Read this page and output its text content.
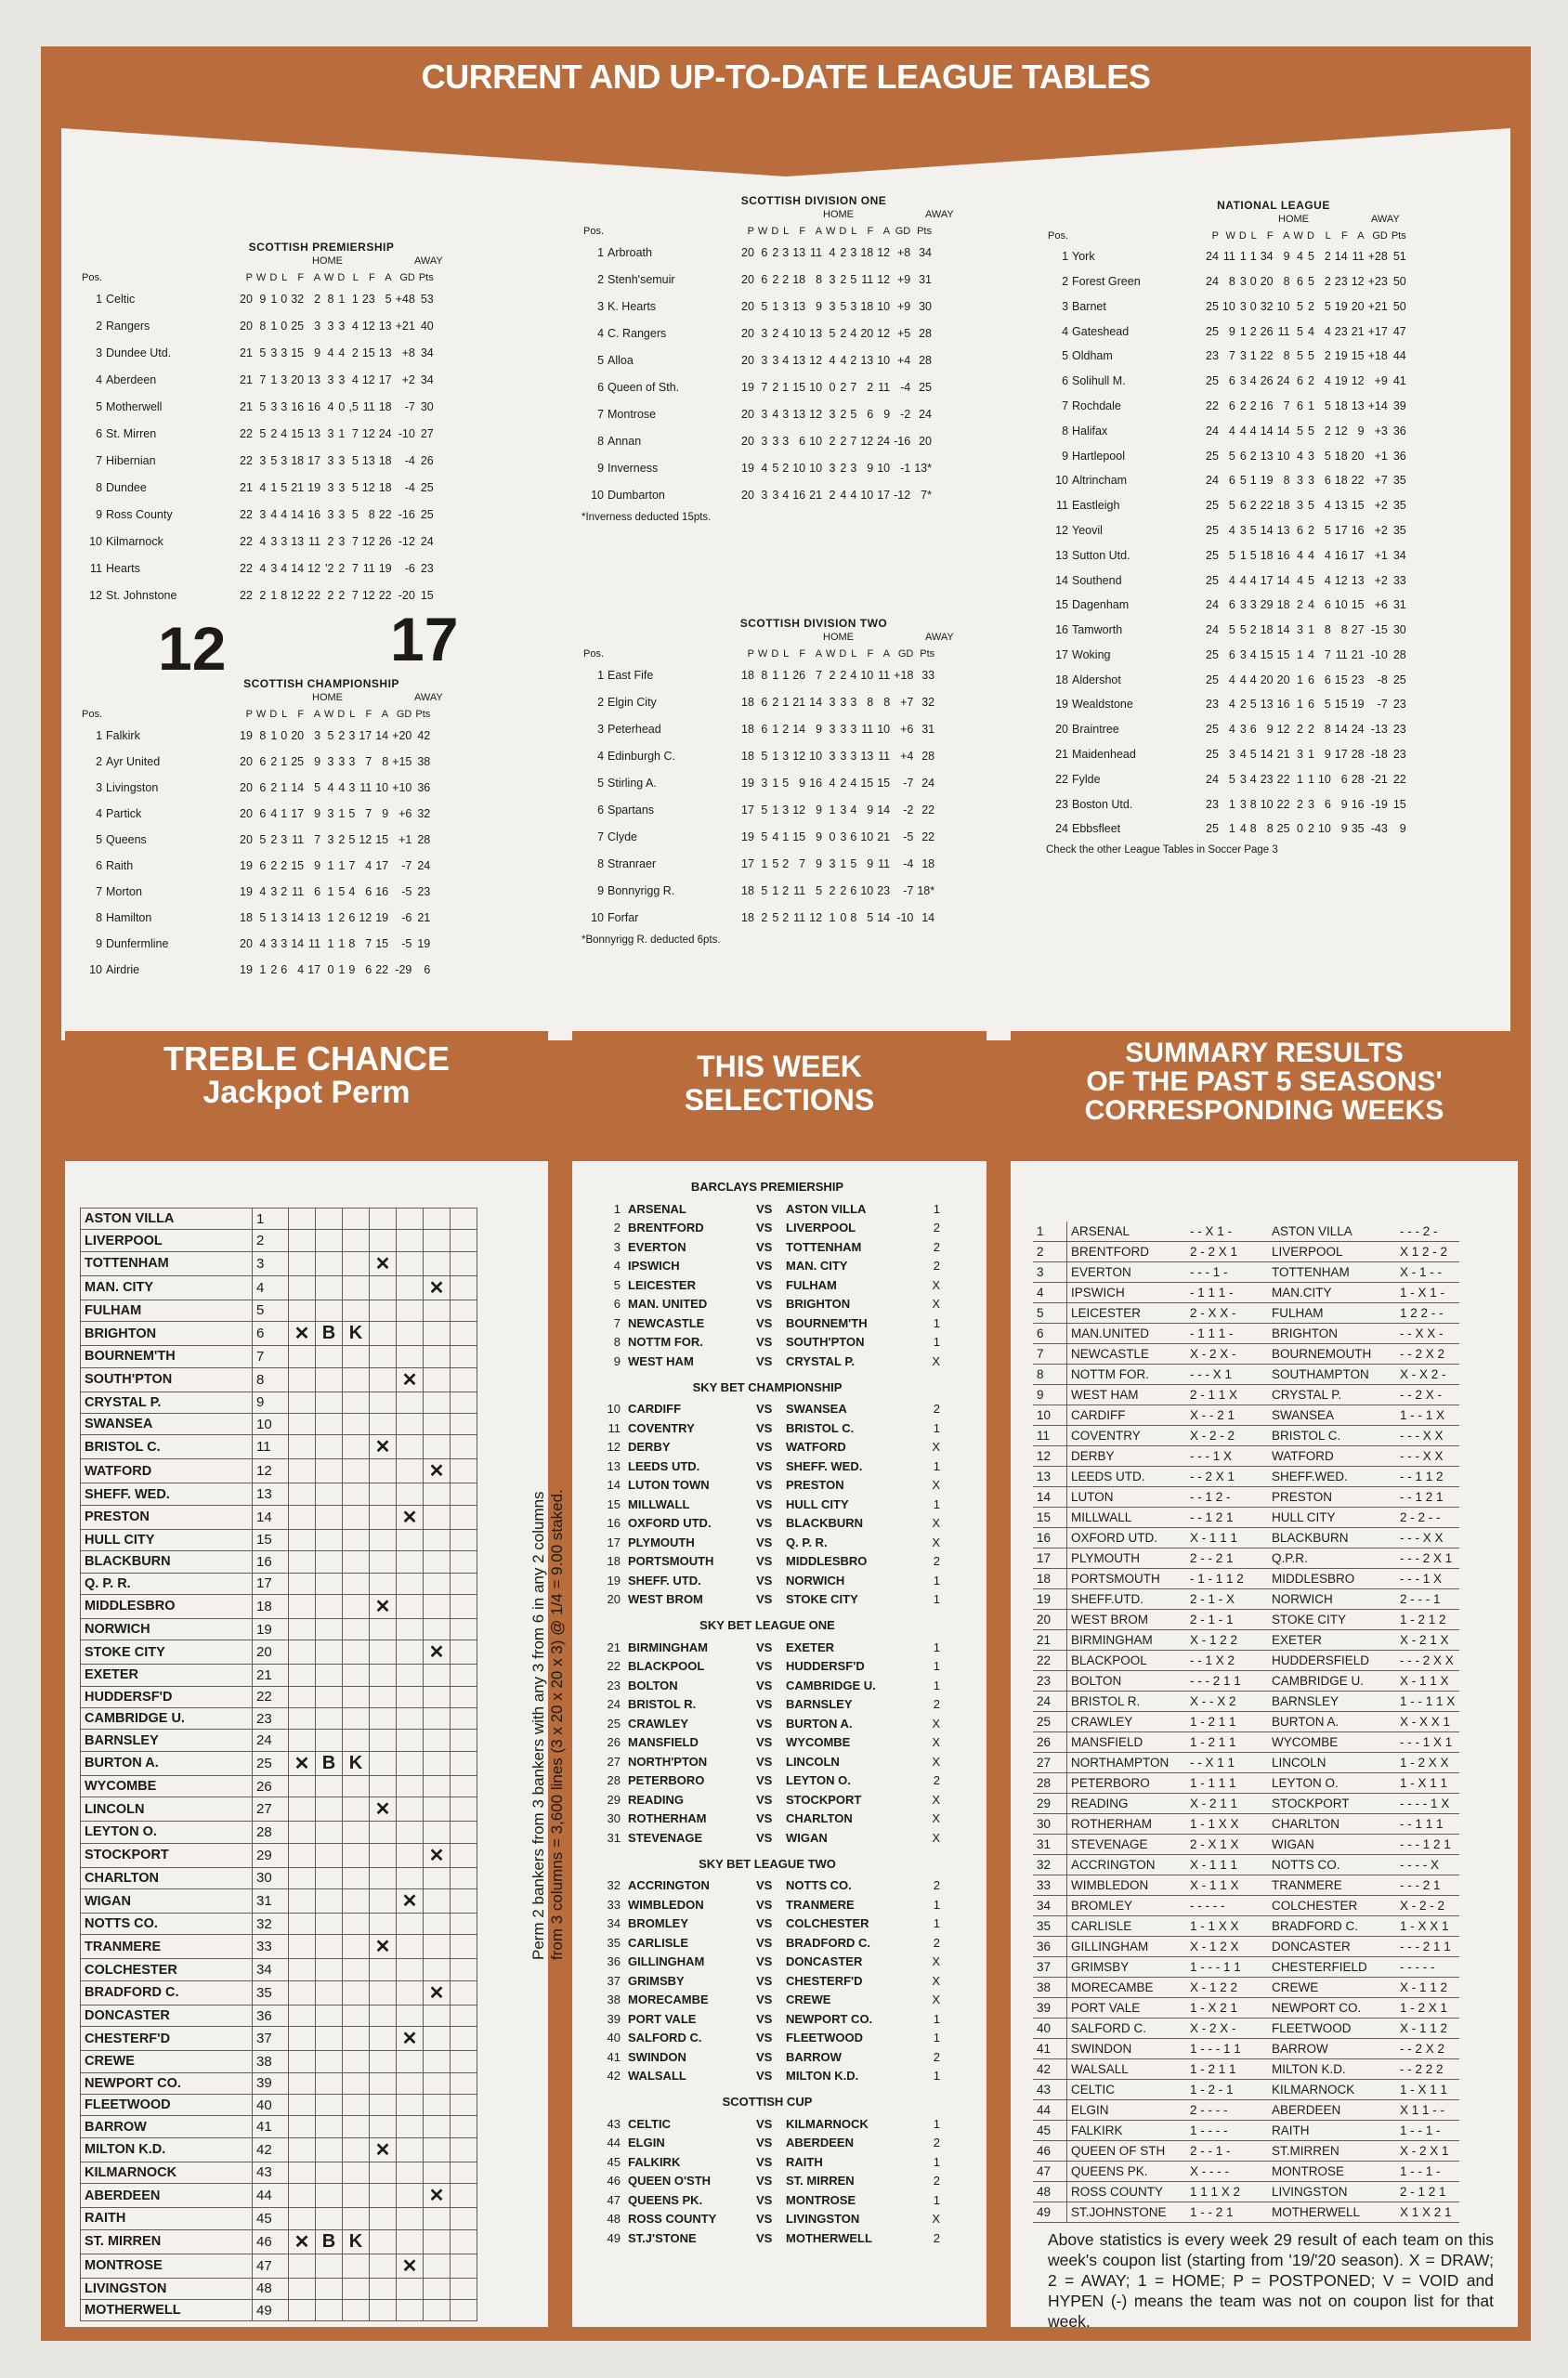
CURRENT AND UP-TO-DATE LEAGUE TABLES
SCOTTISH PREMIERSHIP
HOME	AWAY
Pos.		P	W	D	L	F	A	W	D	L	F	A	GD	Pts
1	Celtic	20	9	1	0	32	2	8	1	1	23	5	+48	53
2	Rangers	20	8	1	0	25	3	3	3	4	12	13	+21	40
3	Dundee Utd.	21	5	3	3	15	9	4	4	2	15	13	+8	34
4	Aberdeen	21	7	1	3	20	13	3	3	4	12	17	+2	34
5	Motherwell	21	5	3	3	16	16	4	0	,5	11	18	-7	30
6	St. Mirren	22	5	2	4	15	13	3	1	7	12	24	-10	27
7	Hibernian	22	3	5	3	18	17	3	3	5	13	18	-4	26
8	Dundee	21	4	1	5	21	19	3	3	5	12	18	-4	25
9	Ross County	22	3	4	4	14	16	3	3	5	8	22	-16	25
10	Kilmarnock	22	4	3	3	13	11	2	3	7	12	26	-12	24
11	Hearts	22	4	3	4	14	12	'2	2	7	11	19	-6	23
12	St. Johnstone	22	2	1	8	12	22	2	2	7	12	22	-20	15
12	17
SCOTTISH CHAMPIONSHIP
HOME	AWAY
Pos.		P	W	D	L	F	A	W	D	L	F	A	GD	Pts
1	Falkirk	19	8	1	0	20	3	5	2	3	17	14	+20	42
2	Ayr United	20	6	2	1	25	9	3	3	3	7	8	+15	38
3	Livingston	20	6	2	1	14	5	4	4	3	11	10	+10	36
4	Partick	20	6	4	1	17	9	3	1	5	7	9	+6	32
5	Queens	20	5	2	3	11	7	3	2	5	12	15	+1	28
6	Raith	19	6	2	2	15	9	1	1	7	4	17	-7	24
7	Morton	19	4	3	2	11	6	1	5	4	6	16	-5	23
8	Hamilton	18	5	1	3	14	13	1	2	6	12	19	-6	21
9	Dunfermline	20	4	3	3	14	11	1	1	8	7	15	-5	19
10	Airdrie	19	1	2	6	4	17	0	1	9	6	22	-29	6
SCOTTISH DIVISION ONE
HOME	AWAY
Pos.		P	W	D	L	F	A	W	D	L	F	A	GD	Pts
1	Arbroath	20	6	2	3	13	11	4	2	3	18	12	+8	34
2	Stenh'semuir	20	6	2	2	18	8	3	2	5	11	12	+9	31
3	K. Hearts	20	5	1	3	13	9	3	5	3	18	10	+9	30
4	C. Rangers	20	3	2	4	10	13	5	2	4	20	12	+5	28
5	Alloa	20	3	3	4	13	12	4	4	2	13	10	+4	28
6	Queen of Sth.	19	7	2	1	15	10	0	2	7	2	11	-4	25
7	Montrose	20	3	4	3	13	12	3	2	5	6	9	-2	24
8	Annan	20	3	3	3	6	10	2	2	7	12	24	-16	20
9	Inverness	19	4	5	2	10	10	3	2	3	9	10	-1	13*
10	Dumbarton	20	3	3	4	16	21	2	4	4	10	17	-12	7*
*Inverness deducted 15pts.
SCOTTISH DIVISION TWO
HOME	AWAY
Pos.		P	W	D	L	F	A	W	D	L	F	A	GD	Pts
1	East Fife	18	8	1	1	26	7	2	2	4	10	11	+18	33
2	Elgin City	18	6	2	1	21	14	3	3	3	8	8	+7	32
3	Peterhead	18	6	1	2	14	9	3	3	3	11	10	+6	31
4	Edinburgh C.	18	5	1	3	12	10	3	3	3	13	11	+4	28
5	Stirling A.	19	3	1	5	9	16	4	2	4	15	15	-7	24
6	Spartans	17	5	1	3	12	9	1	3	4	9	14	-2	22
7	Clyde	19	5	4	1	15	9	0	3	6	10	21	-5	22
8	Stranraer	17	1	5	2	7	9	3	1	5	9	11	-4	18
9	Bonnyrigg R.	18	5	1	2	11	5	2	2	6	10	23	-7	18*
10	Forfar	18	2	5	2	11	12	1	0	8	5	14	-10	14
*Bonnyrigg R. deducted 6pts.
NATIONAL LEAGUE
HOME	AWAY
Pos.		P	W	D	L	F	A	W	D	L	F	A	GD	Pts
1	York	24	11	1	1	34	9	4	5	2	14	11	+28	51
2	Forest Green	24	8	3	0	20	8	6	5	2	23	12	+23	50
3	Barnet	25	10	3	0	32	10	5	2	5	19	20	+21	50
4	Gateshead	25	9	1	2	26	11	5	4	4	23	21	+17	47
5	Oldham	23	7	3	1	22	8	5	5	2	19	15	+18	44
6	Solihull M.	25	6	3	4	26	24	6	2	4	19	12	+9	41
7	Rochdale	22	6	2	2	16	7	6	1	5	18	13	+14	39
8	Halifax	24	4	4	4	14	14	5	5	2	12	9	+3	36
9	Hartlepool	25	5	6	2	13	10	4	3	5	18	20	+1	36
10	Altrincham	24	6	5	1	19	8	3	3	6	18	22	+7	35
11	Eastleigh	25	5	6	2	22	18	3	5	4	13	15	+2	35
12	Yeovil	25	4	3	5	14	13	6	2	5	17	16	+2	35
13	Sutton Utd.	25	5	1	5	18	16	4	4	4	16	17	+1	34
14	Southend	25	4	4	4	17	14	4	5	4	12	13	+2	33
15	Dagenham	24	6	3	3	29	18	2	4	6	10	15	+6	31
16	Tamworth	24	5	5	2	18	14	3	1	8	8	27	-15	30
17	Woking	25	6	3	4	15	15	1	4	7	11	21	-10	28
18	Aldershot	25	4	4	4	20	20	1	6	6	15	23	-8	25
19	Wealdstone	23	4	2	5	13	16	1	6	5	15	19	-7	23
20	Braintree	25	4	3	6	9	12	2	2	8	14	24	-13	23
21	Maidenhead	25	3	4	5	14	21	3	1	9	17	28	-18	23
22	Fylde	24	5	3	4	23	22	1	1	10	6	28	-21	22
23	Boston Utd.	23	1	3	8	10	22	2	3	6	9	16	-19	15
24	Ebbsfleet	25	1	4	8	8	25	0	2	10	9	35	-43	9
Check the other League Tables in Soccer Page 3
TREBLE CHANCE
Jackpot Perm
ASTON VILLA	1							
LIVERPOOL	2							
TOTTENHAM	3				✕			
MAN. CITY	4						✕	
FULHAM	5							
BRIGHTON	6	✕	B	K				
BOURNEM'TH	7							
SOUTH'PTON	8					✕		
CRYSTAL P.	9							
SWANSEA	10							
BRISTOL C.	11				✕			
WATFORD	12						✕	
SHEFF. WED.	13							
PRESTON	14					✕		
HULL CITY	15							
BLACKBURN	16							
Q. P. R.	17							
MIDDLESBRO	18				✕			
NORWICH	19							
STOKE CITY	20						✕	
EXETER	21							
HUDDERSF'D	22							
CAMBRIDGE U.	23							
BARNSLEY	24							
BURTON A.	25	✕	B	K				
WYCOMBE	26							
LINCOLN	27				✕			
LEYTON O.	28							
STOCKPORT	29						✕	
CHARLTON	30							
WIGAN	31					✕		
NOTTS CO.	32							
TRANMERE	33				✕			
COLCHESTER	34							
BRADFORD C.	35						✕	
DONCASTER	36							
CHESTERF'D	37					✕		
CREWE	38							
NEWPORT CO.	39							
FLEETWOOD	40							
BARROW	41							
MILTON K.D.	42				✕			
KILMARNOCK	43							
ABERDEEN	44						✕	
RAITH	45							
ST. MIRREN	46	✕	B	K				
MONTROSE	47					✕		
LIVINGSTON	48							
MOTHERWELL	49							
Perm 2 bankers from 3 bankers with any 3 from 6 in any 2 columns from 3 columns = 3,600 lines (3 x 20 x 20 x 3) @ 1/4 = 9.00 staked.
THIS WEEK
SELECTIONS
BARCLAYS PREMIERSHIP
1	ARSENAL	VS	ASTON VILLA	1
2	BRENTFORD	VS	LIVERPOOL	2
3	EVERTON	VS	TOTTENHAM	2
4	IPSWICH	VS	MAN. CITY	2
5	LEICESTER	VS	FULHAM	X
6	MAN. UNITED	VS	BRIGHTON	X
7	NEWCASTLE	VS	BOURNEM'TH	1
8	NOTTM FOR.	VS	SOUTH'PTON	1
9	WEST HAM	VS	CRYSTAL P.	X
SKY BET CHAMPIONSHIP
10	CARDIFF	VS	SWANSEA	2
11	COVENTRY	VS	BRISTOL C.	1
12	DERBY	VS	WATFORD	X
13	LEEDS UTD.	VS	SHEFF. WED.	1
14	LUTON TOWN	VS	PRESTON	X
15	MILLWALL	VS	HULL CITY	1
16	OXFORD UTD.	VS	BLACKBURN	X
17	PLYMOUTH	VS	Q. P. R.	X
18	PORTSMOUTH	VS	MIDDLESBRO	2
19	SHEFF. UTD.	VS	NORWICH	1
20	WEST BROM	VS	STOKE CITY	1
SKY BET LEAGUE ONE
21	BIRMINGHAM	VS	EXETER	1
22	BLACKPOOL	VS	HUDDERSF'D	1
23	BOLTON	VS	CAMBRIDGE U.	1
24	BRISTOL R.	VS	BARNSLEY	2
25	CRAWLEY	VS	BURTON A.	X
26	MANSFIELD	VS	WYCOMBE	X
27	NORTH'PTON	VS	LINCOLN	X
28	PETERBORO	VS	LEYTON O.	2
29	READING	VS	STOCKPORT	X
30	ROTHERHAM	VS	CHARLTON	X
31	STEVENAGE	VS	WIGAN	X
SKY BET LEAGUE TWO
32	ACCRINGTON	VS	NOTTS CO.	2
33	WIMBLEDON	VS	TRANMERE	1
34	BROMLEY	VS	COLCHESTER	1
35	CARLISLE	VS	BRADFORD C.	2
36	GILLINGHAM	VS	DONCASTER	X
37	GRIMSBY	VS	CHESTERF'D	X
38	MORECAMBE	VS	CREWE	X
39	PORT VALE	VS	NEWPORT CO.	1
40	SALFORD C.	VS	FLEETWOOD	1
41	SWINDON	VS	BARROW	2
42	WALSALL	VS	MILTON K.D.	1
SCOTTISH CUP
43	CELTIC	VS	KILMARNOCK	1
44	ELGIN	VS	ABERDEEN	2
45	FALKIRK	VS	RAITH	1
46	QUEEN O'STH	VS	ST. MIRREN	2
47	QUEENS PK.	VS	MONTROSE	1
48	ROSS COUNTY	VS	LIVINGSTON	X
49	ST.J'STONE	VS	MOTHERWELL	2
SUMMARY RESULTS
OF THE PAST 5 SEASONS'
CORRESPONDING WEEKS
1	ARSENAL	- - X 1 -	ASTON VILLA	- - - 2 -
2	BRENTFORD	2 - 2 X 1	LIVERPOOL	X 1 2 - 2
3	EVERTON	- - - 1 -	TOTTENHAM	X - 1 - -
4	IPSWICH	- 1 1 1 -	MAN.CITY	1 - X 1 -
5	LEICESTER	2 - X X -	FULHAM	1 2 2 - -
6	MAN.UNITED	- 1 1 1 -	BRIGHTON	- - X X -
7	NEWCASTLE	X - 2 X -	BOURNEMOUTH	- - 2 X 2
8	NOTTM FOR.	- - - X 1	SOUTHAMPTON	X - X 2 -
9	WEST HAM	2 - 1 1 X	CRYSTAL P.	- - 2 X -
10	CARDIFF	X - - 2 1	SWANSEA	1 - - 1 X
11	COVENTRY	X - 2 - 2	BRISTOL C.	- - - X X
12	DERBY	- - - 1 X	WATFORD	- - - X X
13	LEEDS UTD.	- - 2 X 1	SHEFF.WED.	- - 1 1 2
14	LUTON	- - 1 2 -	PRESTON	- - 1 2 1
15	MILLWALL	- - 1 2 1	HULL CITY	2 - 2 - -
16	OXFORD UTD.	X - 1 1 1	BLACKBURN	- - - X X
17	PLYMOUTH	2 - - 2 1	Q.P.R.	- - - 2 X 1
18	PORTSMOUTH	- 1 - 1 1 2	MIDDLESBRO	- - - 1 X
19	SHEFF.UTD.	2 - 1 - X	NORWICH	2 - - - 1
20	WEST BROM	2 - 1 - 1	STOKE CITY	1 - 2 1 2
21	BIRMINGHAM	X - 1 2 2	EXETER	X - 2 1 X
22	BLACKPOOL	- - 1 X 2	HUDDERSFIELD	- - - 2 X X
23	BOLTON	- - - 2 1 1	CAMBRIDGE U.	X - 1 1 X
24	BRISTOL R.	X - - X 2	BARNSLEY	1 - - 1 1 X
25	CRAWLEY	1 - 2 1 1	BURTON A.	X - X X 1
26	MANSFIELD	1 - 2 1 1	WYCOMBE	- - - 1 X 1
27	NORTHAMPTON	- - X 1 1	LINCOLN	1 - 2 X X
28	PETERBORO	1 - 1 1 1	LEYTON O.	1 - X 1 1
29	READING	X - 2 1 1	STOCKPORT	- - - - 1 X
30	ROTHERHAM	1 - 1 X X	CHARLTON	- - 1 1 1
31	STEVENAGE	2 - X 1 X	WIGAN	- - - 1 2 1
32	ACCRINGTON	X - 1 1 1	NOTTS CO.	- - - - X
33	WIMBLEDON	X - 1 1 X	TRANMERE	- - - 2 1
34	BROMLEY	- - - - -	COLCHESTER	X - 2 - 2
35	CARLISLE	1 - 1 X X	BRADFORD C.	1 - X X 1
36	GILLINGHAM	X - 1 2 X	DONCASTER	- - - 2 1 1
37	GRIMSBY	1 - - - 1 1	CHESTERFIELD	- - - - -
38	MORECAMBE	X - 1 2 2	CREWE	X - 1 1 2
39	PORT VALE	1 - X 2 1	NEWPORT CO.	1 - 2 X 1
40	SALFORD C.	X - 2 X -	FLEETWOOD	X - 1 1 2
41	SWINDON	1 - - - 1 1	BARROW	- - 2 X 2
42	WALSALL	1 - 2 1 1	MILTON K.D.	- - 2 2 2
43	CELTIC	1 - 2 - 1	KILMARNOCK	1 - X 1 1
44	ELGIN	2 - - - -	ABERDEEN	X 1 1 - -
45	FALKIRK	1 - - - -	RAITH	1 - - 1 -
46	QUEEN OF STH	2 - - 1 -	ST.MIRREN	X - 2 X 1
47	QUEENS PK.	X - - - -	MONTROSE	1 - - 1 -
48	ROSS COUNTY	1 1 1 X 2	LIVINGSTON	2 - 1 2 1
49	ST.JOHNSTONE	1 - - 2 1	MOTHERWELL	X 1 X 2 1
Above statistics is every week 29 result of each team on this week's coupon list (starting from '19/'20 season). X = DRAW; 2 = AWAY; 1 = HOME; P = POSTPONED; V = VOID and HYPEN (-) means the team was not on coupon list for that week.
